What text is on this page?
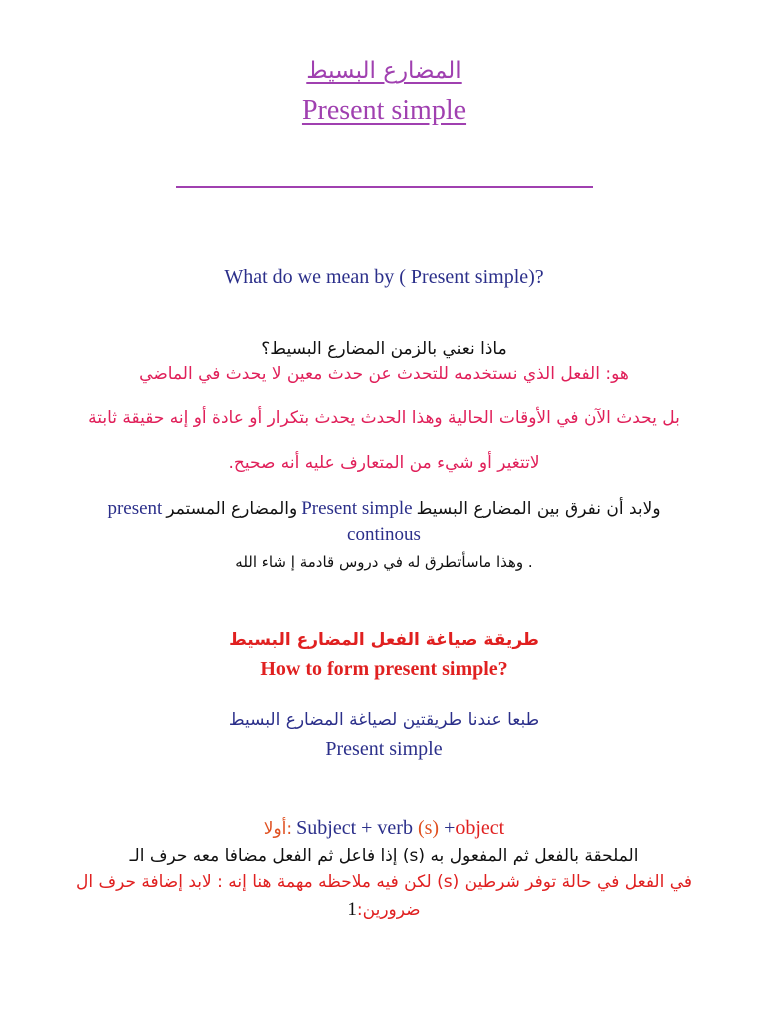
المضارع البسيط
Present simple
What do we mean by ( Present simple)?
ماذا نعني بالزمن المضارع البسيط؟
هو: الفعل الذي نستخدمه للتحدث عن حدث معين لا يحدث في الماضي
بل يحدث الآن في الأوقات الحالية وهذا الحدث يحدث بتكرار أو عادة أو إنه حقيقة ثابتة
لاتتغير أو شيء من المتعارف عليه أنه صحيح.
present والمضارع المستمر Present simple ولابد أن نفرق بين المضارع البسيط
continous
. وهذا ماسأتطرق له في دروس قادمة إ شاء الله
طريقة صياغة الفعل المضارع البسيط
How to form present simple?
طبعا عندنا طريقتين لصياغة المضارع البسيط
Present simple
أولا: Subject + verb (s) +object
الملحقة بالفعل ثم المفعول به (s) إذا فاعل ثم الفعل مضافا معه حرف الـ
في الفعل في حالة توفر شرطين (s) لكن فيه ملاحظه مهمة هنا إنه : لابد إضافة حرف ال
ضرورين:1
